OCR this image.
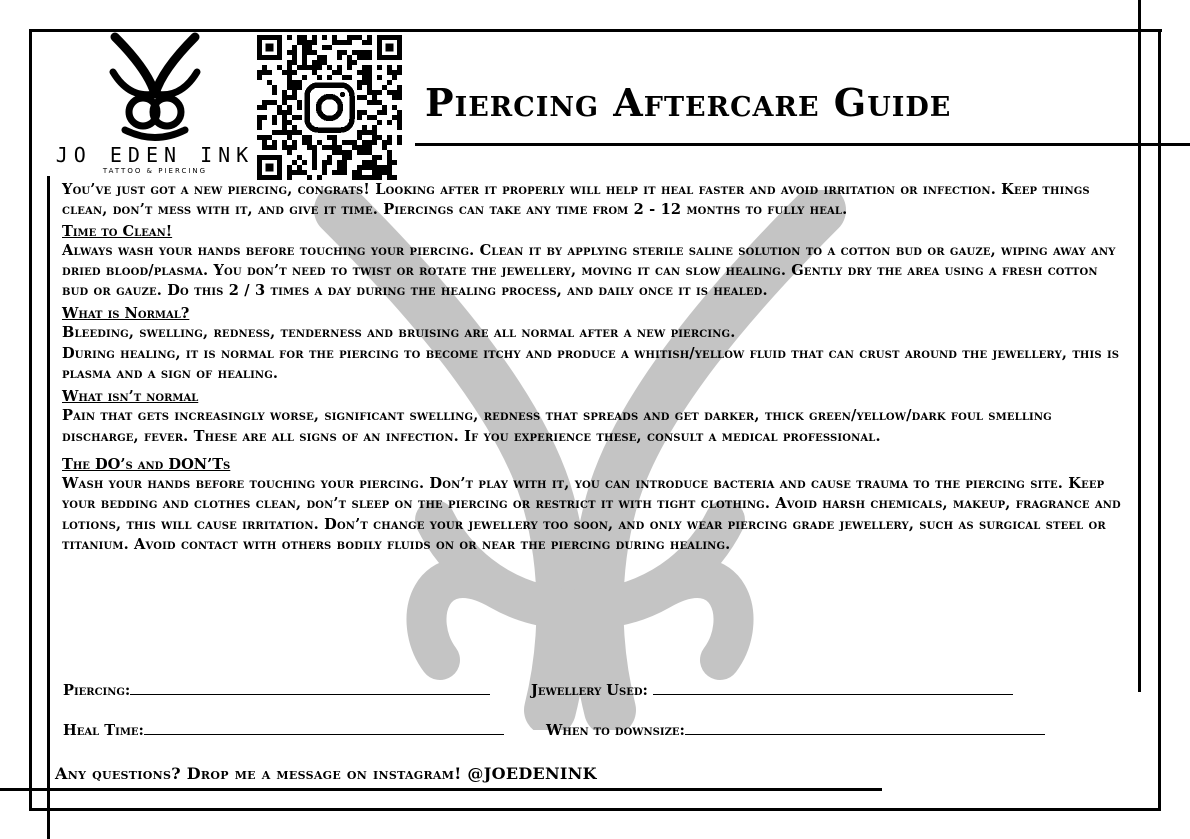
JO EDEN INK
TATTOO & PIERCING
Piercing Aftercare Guide

You’ve just got a new piercing, congrats! Looking after it properly will help it heal faster and avoid irritation or infection. Keep things clean, don’t mess with it, and give it time. Piercings can take any time from 2 - 12 months to fully heal.

Time to Clean!

Always wash your hands before touching your piercing. Clean it by applying sterile saline solution to a cotton bud or gauze, wiping away any dried blood/plasma. You don’t need to twist or rotate the jewellery, moving it can slow healing. Gently dry the area using a fresh cotton bud or gauze. Do this 2 / 3 times a day during the healing process, and daily once it is healed.

What is Normal?

Bleeding, swelling, redness, tenderness and bruising are all normal after a new piercing.

During healing, it is normal for the piercing to become itchy and produce a whitish/yellow fluid that can crust around the jewellery, this is plasma and a sign of healing.

What isn’t normal

Pain that gets increasingly worse, significant swelling, redness that spreads and get darker, thick green/yellow/dark foul smelling discharge, fever. These are all signs of an infection. If you experience these, consult a medical professional.

The DO’s and DON’Ts

Wash your hands before touching your piercing. Don’t play with it, you can introduce bacteria and cause trauma to the piercing site. Keep your bedding and clothes clean, don’t sleep on the piercing or restrict it with tight clothing. Avoid harsh chemicals, makeup, fragrance and lotions, this will cause irritation. Don’t change your jewellery too soon, and only wear piercing grade jewellery, such as surgical steel or titanium. Avoid contact with others bodily fluids on or near the piercing during healing.

Piercing:	Jewellery Used:
Heal Time:	When to downsize:
Any questions? Drop me a message on instagram! @JOEDENINK
